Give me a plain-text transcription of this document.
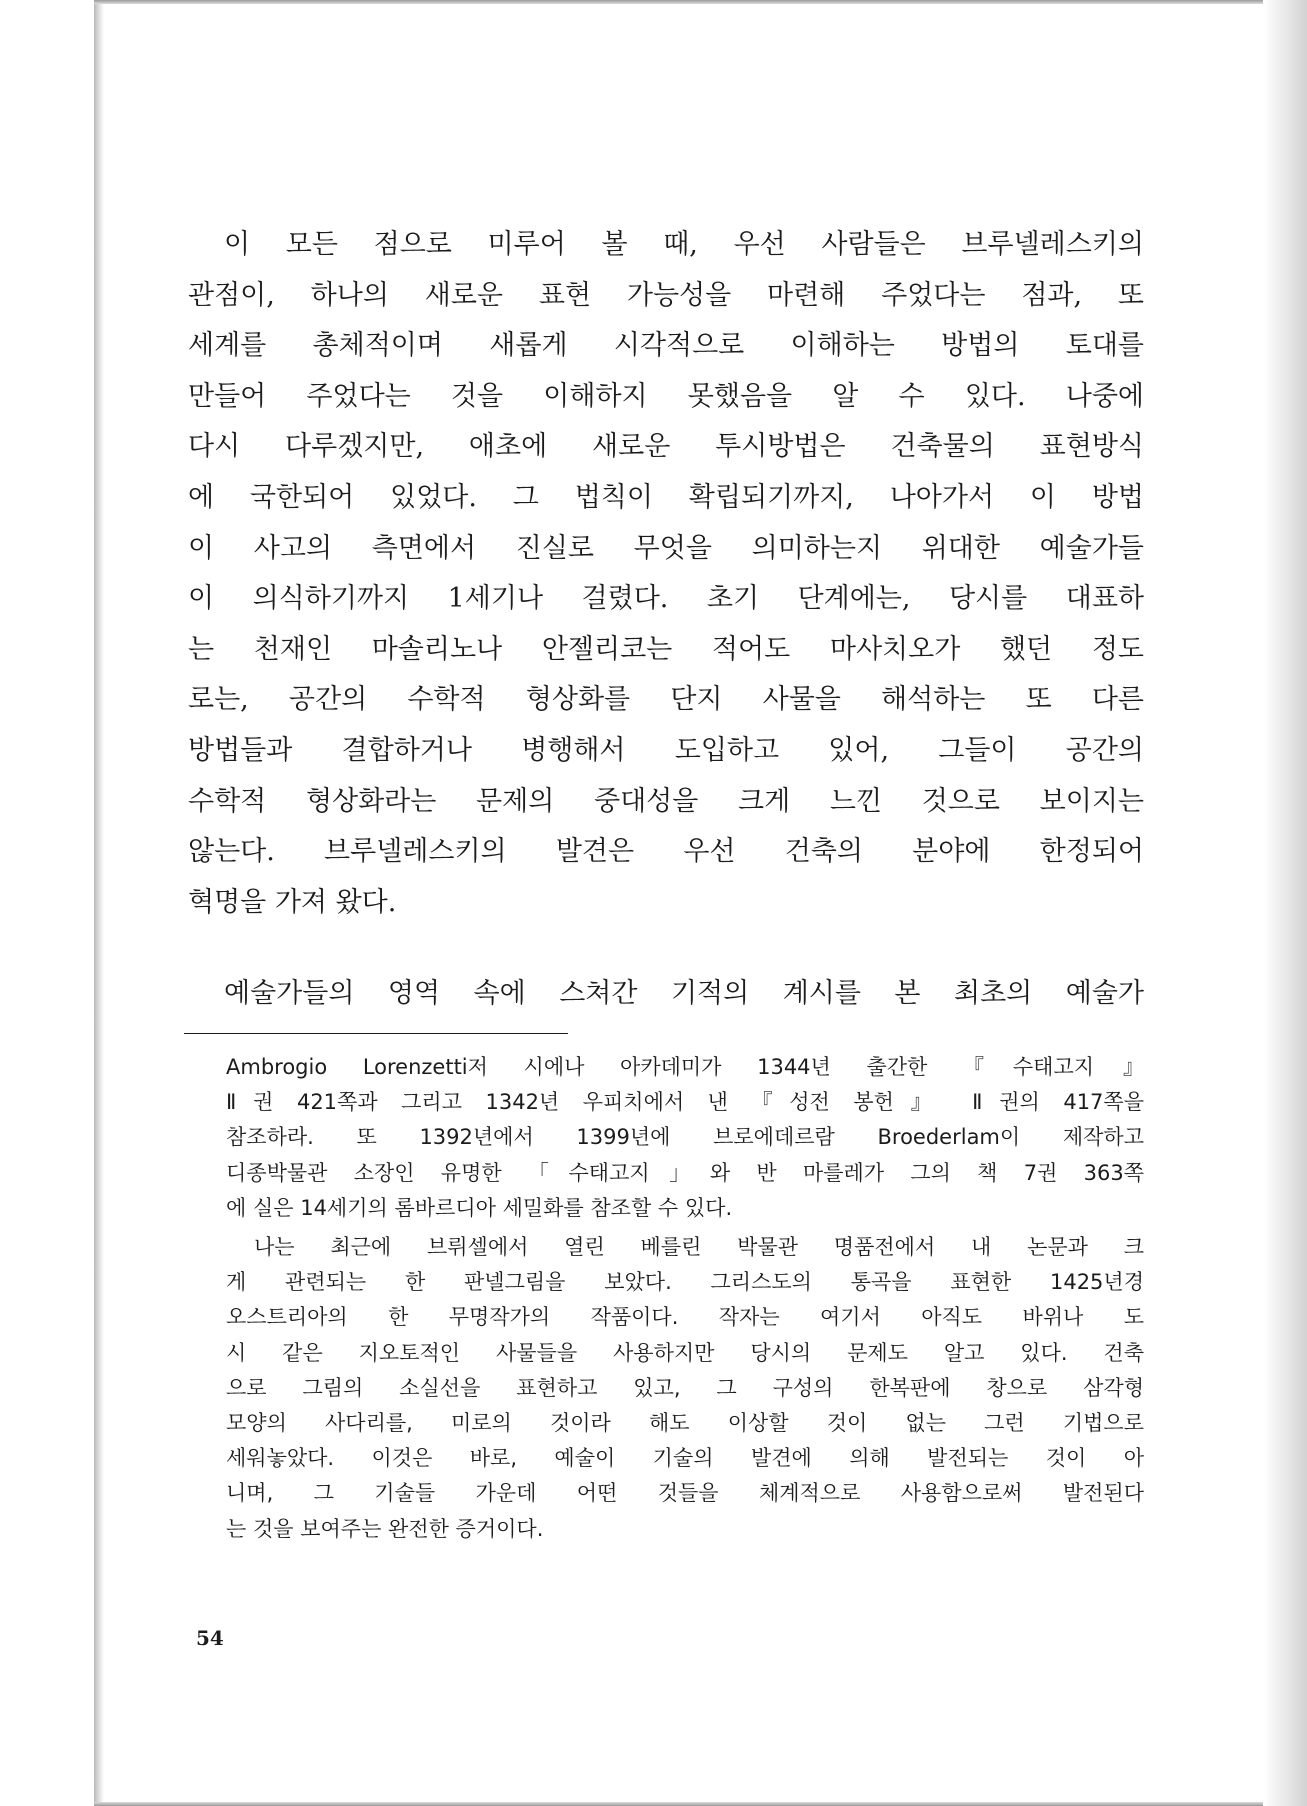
이 모든 점으로 미루어 볼 때, 우선 사람들은 브루넬레스키의
관점이, 하나의 새로운 표현 가능성을 마련해 주었다는 점과, 또
세계를 총체적이며 새롭게 시각적으로 이해하는 방법의 토대를
만들어 주었다는 것을 이해하지 못했음을 알 수 있다. 나중에
다시 다루겠지만, 애초에 새로운 투시방법은 건축물의 표현방식
에 국한되어 있었다. 그 법칙이 확립되기까지, 나아가서 이 방법
이 사고의 측면에서 진실로 무엇을 의미하는지 위대한 예술가들
이 의식하기까지 1세기나 걸렸다. 초기 단계에는, 당시를 대표하
는 천재인 마솔리노나 안젤리코는 적어도 마사치오가 했던 정도
로는, 공간의 수학적 형상화를 단지 사물을 해석하는 또 다른
방법들과 결합하거나 병행해서 도입하고 있어, 그들이 공간의
수학적 형상화라는 문제의 중대성을 크게 느낀 것으로 보이지는
않는다. 브루넬레스키의 발견은 우선 건축의 분야에 한정되어
혁명을 가져 왔다.
예술가들의 영역 속에 스쳐간 기적의 계시를 본 최초의 예술가
Ambrogio Lorenzetti저 시에나 아카데미가 1344년 출간한 『수태고지』
Ⅱ권 421쪽과 그리고 1342년 우피치에서 낸 『성전 봉헌』 Ⅱ권의 417쪽을
참조하라. 또 1392년에서 1399년에 브로에데르람 Broederlam이 제작하고
디종박물관 소장인 유명한 「수태고지」와 반 마를레가 그의 책 7권 363쪽
에 실은 14세기의 롬바르디아 세밀화를 참조할 수 있다.
나는 최근에 브뤼셀에서 열린 베를린 박물관 명품전에서 내 논문과 크
게 관련되는 한 판넬그림을 보았다. 그리스도의 통곡을 표현한 1425년경
오스트리아의 한 무명작가의 작품이다. 작자는 여기서 아직도 바위나 도
시 같은 지오토적인 사물들을 사용하지만 당시의 문제도 알고 있다. 건축
으로 그림의 소실선을 표현하고 있고, 그 구성의 한복판에 창으로 삼각형
모양의 사다리를, 미로의 것이라 해도 이상할 것이 없는 그런 기법으로
세워놓았다. 이것은 바로, 예술이 기술의 발견에 의해 발전되는 것이 아
니며, 그 기술들 가운데 어떤 것들을 체계적으로 사용함으로써 발전된다
는 것을 보여주는 완전한 증거이다.
54
